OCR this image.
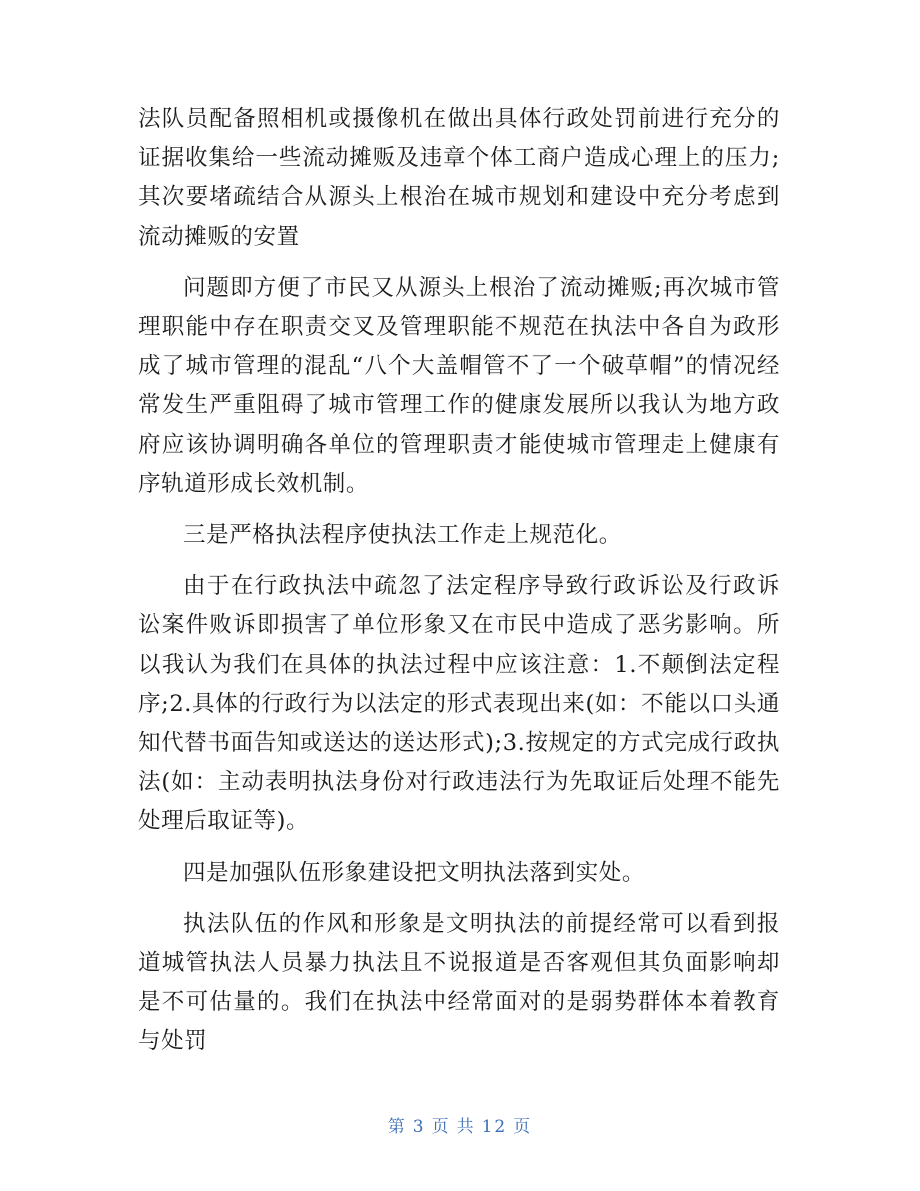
法队员配备照相机或摄像机在做出具体行政处罚前进行充分的证据收集给一些流动摊贩及违章个体工商户造成心理上的压力;其次要堵疏结合从源头上根治在城市规划和建设中充分考虑到流动摊贩的安置

问题即方便了市民又从源头上根治了流动摊贩;再次城市管理职能中存在职责交叉及管理职能不规范在执法中各自为政形成了城市管理的混乱“八个大盖帽管不了一个破草帽”的情况经常发生严重阻碍了城市管理工作的健康发展所以我认为地方政府应该协调明确各单位的管理职责才能使城市管理走上健康有序轨道形成长效机制。

三是严格执法程序使执法工作走上规范化。

由于在行政执法中疏忽了法定程序导致行政诉讼及行政诉讼案件败诉即损害了单位形象又在市民中造成了恶劣影响。所以我认为我们在具体的执法过程中应该注意：1.不颠倒法定程序;2.具体的行政行为以法定的形式表现出来(如：不能以口头通知代替书面告知或送达的送达形式);3.按规定的方式完成行政执法(如：主动表明执法身份对行政违法行为先取证后处理不能先处理后取证等)。

四是加强队伍形象建设把文明执法落到实处。

执法队伍的作风和形象是文明执法的前提经常可以看到报道城管执法人员暴力执法且不说报道是否客观但其负面影响却是不可估量的。我们在执法中经常面对的是弱势群体本着教育与处罚

第 3 页 共 12 页
